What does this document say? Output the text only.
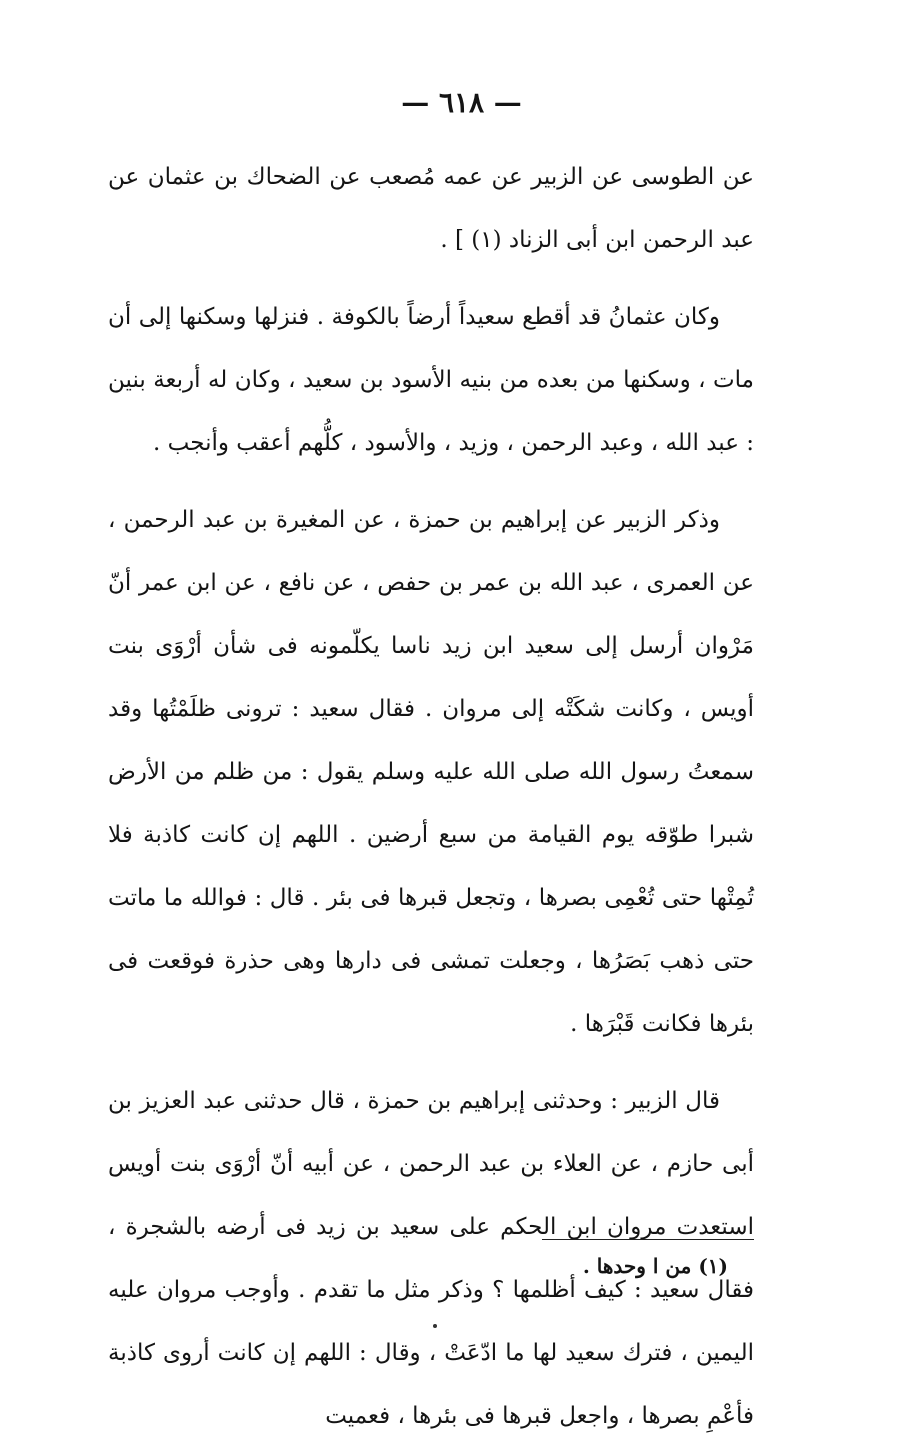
— ٦١٨ —

عن الطوسى عن الزبير عن عمه مُصعب عن الضحاك بن عثمان عن عبد الرحمن ابن أبى الزناد (١) ] .

وكان عثمانُ قد أقطع سعيداً أرضاً بالكوفة . فنزلها وسكنها إلى أن مات ، وسكنها من بعده من بنيه الأسود بن سعيد ، وكان له أربعة بنين : عبد الله ، وعبد الرحمن ، وزيد ، والأسود ، كلُّهم أعقب وأنجب .

وذكر الزبير عن إبراهيم بن حمزة ، عن المغيرة بن عبد الرحمن ، عن العمرى ، عبد الله بن عمر بن حفص ، عن نافع ، عن ابن عمر أنّ مَرْوان أرسل إلى سعيد ابن زيد ناسا يكلّمونه فى شأن أرْوَى بنت أويس ، وكانت شكَتْه إلى مروان . فقال سعيد : ترونى ظلَمْتُها وقد سمعتُ رسول الله صلى الله عليه وسلم يقول : من ظلم من الأرض شبرا طوّقه يوم القيامة من سبع أرضين . اللهم إن كانت كاذبة فلا تُمِتْها حتى تُعْمِى بصرها ، وتجعل قبرها فى بئر . قال : فوالله ما ماتت حتى ذهب بَصَرُها ، وجعلت تمشى فى دارها وهى حذرة فوقعت فى بئرها فكانت قَبْرَها .

قال الزبير : وحدثنى إبراهيم بن حمزة ، قال حدثنى عبد العزيز بن أبى حازم ، عن العلاء بن عبد الرحمن ، عن أبيه أنّ أرْوَى بنت أويس استعدت مروان ابن الحكم على سعيد بن زيد فى أرضه بالشجرة ، فقال سعيد : كيف أظلمها ؟ وذكر مثل ما تقدم . وأوجب مروان عليه اليمين ، فترك سعيد لها ما ادّعَتْ ، وقال : اللهم إن كانت أروى كاذبة فأعْمِ بصرها ، واجعل قبرها فى بئرها ، فعميت

(١) من ا وحدها .
